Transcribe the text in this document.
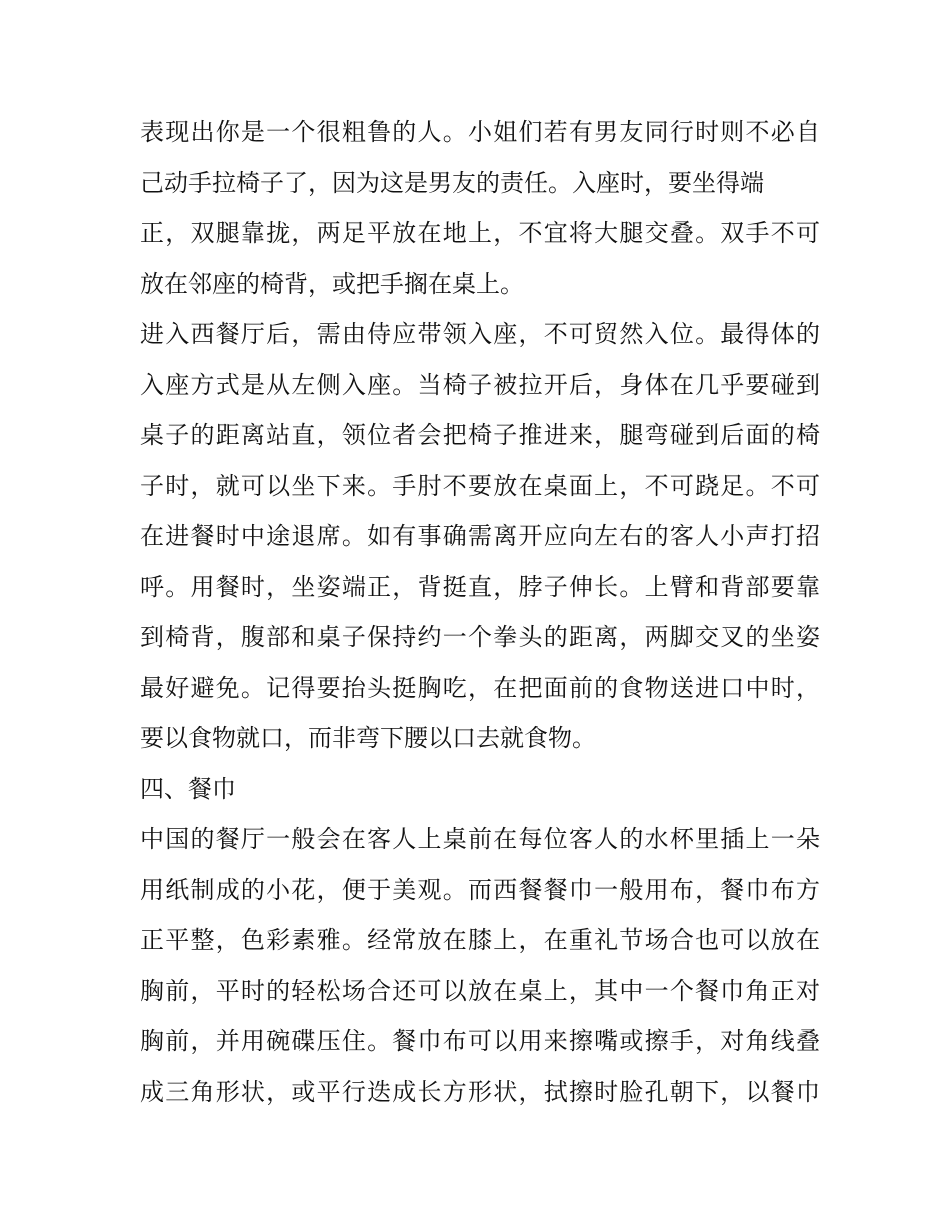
表现出你是一个很粗鲁的人。小姐们若有男友同行时则不必自
己动手拉椅子了，因为这是男友的责任。入座时，要坐得端
正，双腿靠拢，两足平放在地上，不宜将大腿交叠。双手不可
放在邻座的椅背，或把手搁在桌上。
进入西餐厅后，需由侍应带领入座，不可贸然入位。最得体的
入座方式是从左侧入座。当椅子被拉开后，身体在几乎要碰到
桌子的距离站直，领位者会把椅子推进来，腿弯碰到后面的椅
子时，就可以坐下来。手肘不要放在桌面上，不可跷足。不可
在进餐时中途退席。如有事确需离开应向左右的客人小声打招
呼。用餐时，坐姿端正，背挺直，脖子伸长。上臂和背部要靠
到椅背，腹部和桌子保持约一个拳头的距离，两脚交叉的坐姿
最好避免。记得要抬头挺胸吃，在把面前的食物送进口中时，
要以食物就口，而非弯下腰以口去就食物。
四、餐巾
中国的餐厅一般会在客人上桌前在每位客人的水杯里插上一朵
用纸制成的小花，便于美观。而西餐餐巾一般用布，餐巾布方
正平整，色彩素雅。经常放在膝上，在重礼节场合也可以放在
胸前，平时的轻松场合还可以放在桌上，其中一个餐巾角正对
胸前，并用碗碟压住。餐巾布可以用来擦嘴或擦手，对角线叠
成三角形状，或平行迭成长方形状，拭擦时脸孔朝下，以餐巾
